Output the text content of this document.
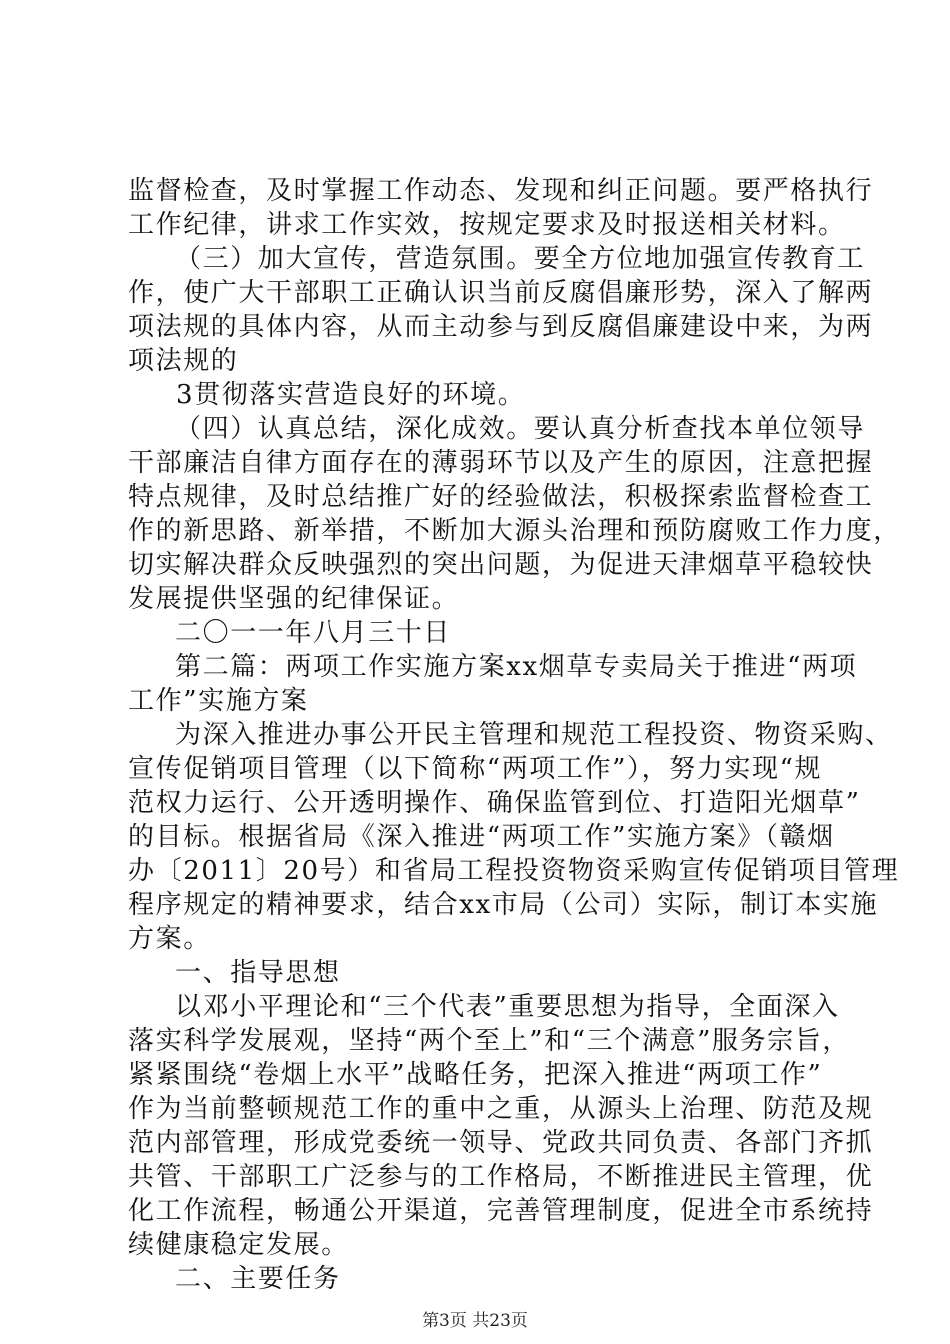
监督检查，及时掌握工作动态、发现和纠正问题。要严格执行
工作纪律，讲求工作实效，按规定要求及时报送相关材料。
（三）加大宣传，营造氛围。要全方位地加强宣传教育工
作，使广大干部职工正确认识当前反腐倡廉形势，深入了解两
项法规的具体内容，从而主动参与到反腐倡廉建设中来，为两
项法规的
3贯彻落实营造良好的环境。
（四）认真总结，深化成效。要认真分析查找本单位领导
干部廉洁自律方面存在的薄弱环节以及产生的原因，注意把握
特点规律，及时总结推广好的经验做法，积极探索监督检查工
作的新思路、新举措，不断加大源头治理和预防腐败工作力度，
切实解决群众反映强烈的突出问题，为促进天津烟草平稳较快
发展提供坚强的纪律保证。
二〇一一年八月三十日
第二篇：两项工作实施方案xx烟草专卖局关于推进“两项
工作”实施方案
为深入推进办事公开民主管理和规范工程投资、物资采购、
宣传促销项目管理（以下简称“两项工作”），努力实现“规
范权力运行、公开透明操作、确保监管到位、打造阳光烟草”
的目标。根据省局《深入推进“两项工作”实施方案》（赣烟
办〔2011〕20号）和省局工程投资物资采购宣传促销项目管理
程序规定的精神要求，结合xx市局（公司）实际，制订本实施
方案。
一、指导思想
以邓小平理论和“三个代表”重要思想为指导，全面深入
落实科学发展观，坚持“两个至上”和“三个满意”服务宗旨，
紧紧围绕“卷烟上水平”战略任务，把深入推进“两项工作”
作为当前整顿规范工作的重中之重，从源头上治理、防范及规
范内部管理，形成党委统一领导、党政共同负责、各部门齐抓
共管、干部职工广泛参与的工作格局，不断推进民主管理，优
化工作流程，畅通公开渠道，完善管理制度，促进全市系统持
续健康稳定发展。
二、主要任务
第3页 共23页
